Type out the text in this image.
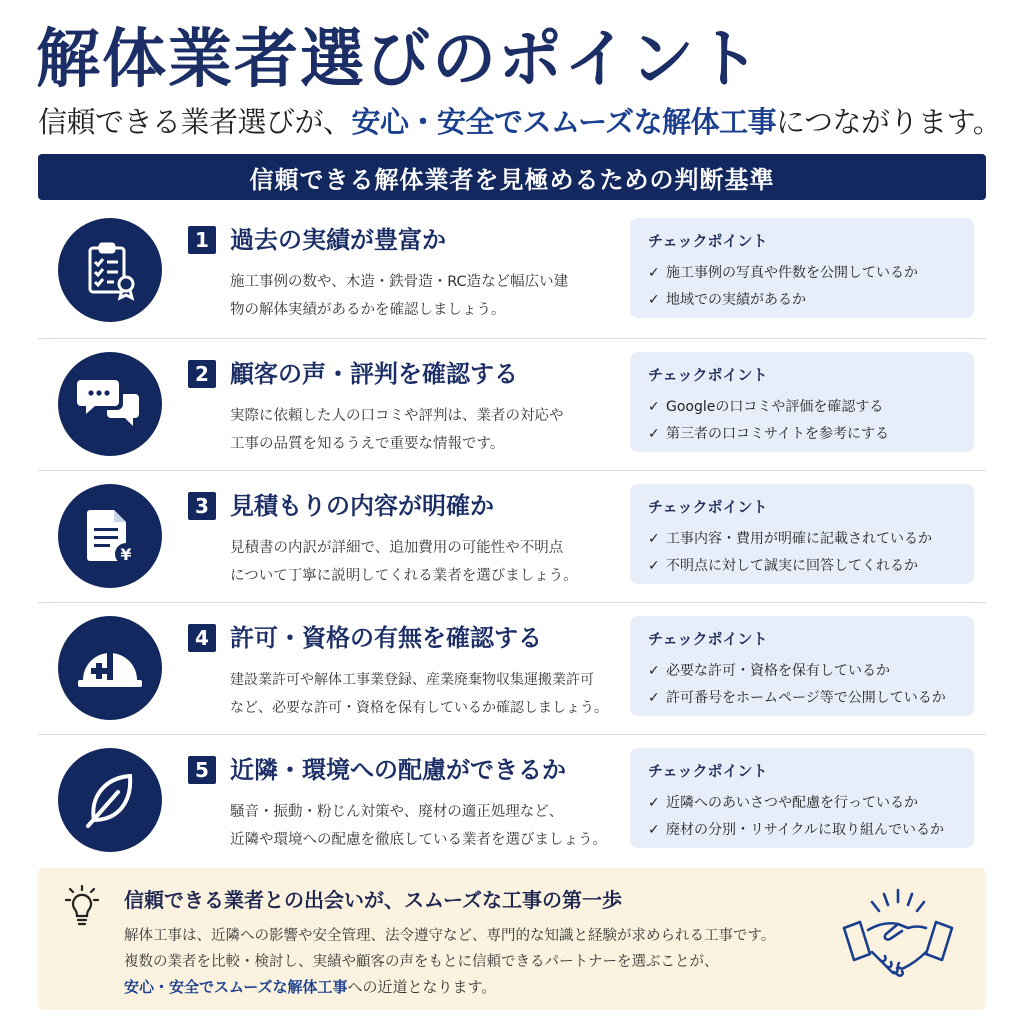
解体業者選びのポイント
信頼できる業者選びが、安心・安全でスムーズな解体工事につながります。
信頼できる解体業者を見極めるための判断基準
1 過去の実績が豊富か
施工事例の数や、木造・鉄骨造・RC造など幅広い建
物の解体実績があるかを確認しましょう。
チェックポイント
✓ 施工事例の写真や件数を公開しているか
✓ 地域での実績があるか
2 顧客の声・評判を確認する
実際に依頼した人の口コミや評判は、業者の対応や
工事の品質を知るうえで重要な情報です。
チェックポイント
✓ Googleの口コミや評価を確認する
✓ 第三者の口コミサイトを参考にする
¥
3 見積もりの内容が明確か
見積書の内訳が詳細で、追加費用の可能性や不明点
について丁寧に説明してくれる業者を選びましょう。
チェックポイント
✓ 工事内容・費用が明確に記載されているか
✓ 不明点に対して誠実に回答してくれるか
4 許可・資格の有無を確認する
建設業許可や解体工事業登録、産業廃棄物収集運搬業許可
など、必要な許可・資格を保有しているか確認しましょう。
チェックポイント
✓ 必要な許可・資格を保有しているか
✓ 許可番号をホームページ等で公開しているか
5 近隣・環境への配慮ができるか
騒音・振動・粉じん対策や、廃材の適正処理など、
近隣や環境への配慮を徹底している業者を選びましょう。
チェックポイント
✓ 近隣へのあいさつや配慮を行っているか
✓ 廃材の分別・リサイクルに取り組んでいるか
信頼できる業者との出会いが、スムーズな工事の第一歩
解体工事は、近隣への影響や安全管理、法令遵守など、専門的な知識と経験が求められる工事です。
複数の業者を比較・検討し、実績や顧客の声をもとに信頼できるパートナーを選ぶことが、
安心・安全でスムーズな解体工事への近道となります。
